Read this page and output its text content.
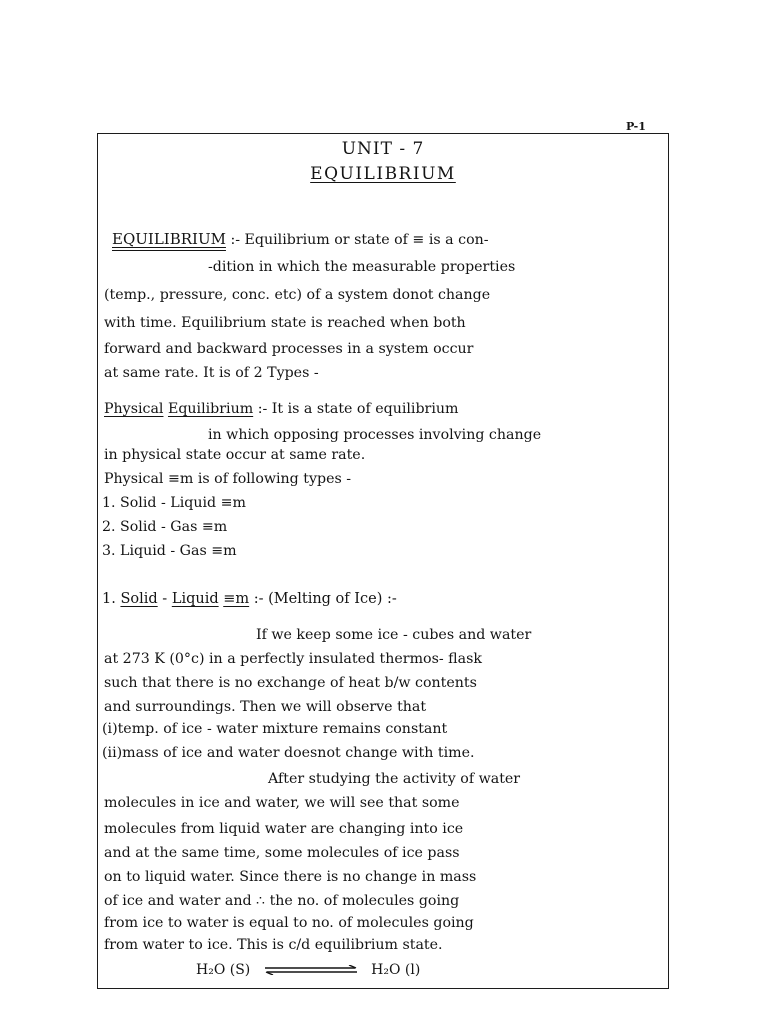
P-1
UNIT - 7
EQUILIBRIUM
EQUILIBRIUM :- Equilibrium or state of ≡ is a con-
-dition in which the measurable properties
(temp., pressure, conc. etc) of a system donot change
with time. Equilibrium state is reached when both
forward and backward processes in a system occur
at same rate. It is of 2 Types -
Physical Equilibrium :- It is a state of equilibrium
in which opposing processes involving change
in physical state occur at same rate.
Physical ≡m is of following types -
1. Solid - Liquid ≡m
2. Solid - Gas ≡m
3. Liquid - Gas ≡m
1. Solid - Liquid ≡m :- (Melting of Ice) :-
If we keep some ice - cubes and water
at 273 K (0°c) in a perfectly insulated thermos- flask
such that there is no exchange of heat b/w contents
and surroundings. Then we will observe that
(i)temp. of ice - water mixture remains constant
(ii)mass of ice and water doesnot change with time.
After studying the activity of water
molecules in ice and water, we will see that some
molecules from liquid water are changing into ice
and at the same time, some molecules of ice pass
on to liquid water. Since there is no change in mass
of ice and water and ∴ the no. of molecules going
from ice to water is equal to no. of molecules going
from water to ice. This is c/d equilibrium state.
H₂O (S)	H₂O (l)
